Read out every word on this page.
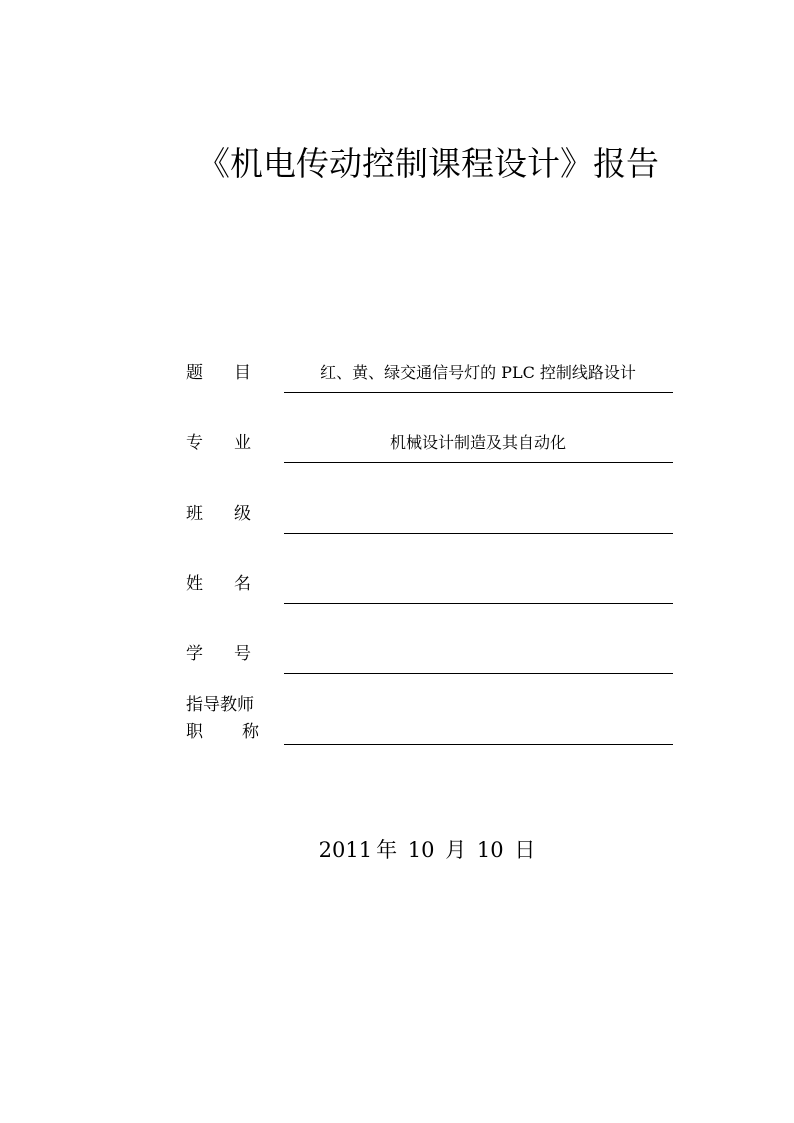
《机电传动控制课程设计》报告
题 目	红、黄、绿交通信号灯的 PLC 控制线路设计
专 业	机械设计制造及其自动化
班 级
姓 名
学 号
指导教师
职 称
2011 年 10 月 10 日
